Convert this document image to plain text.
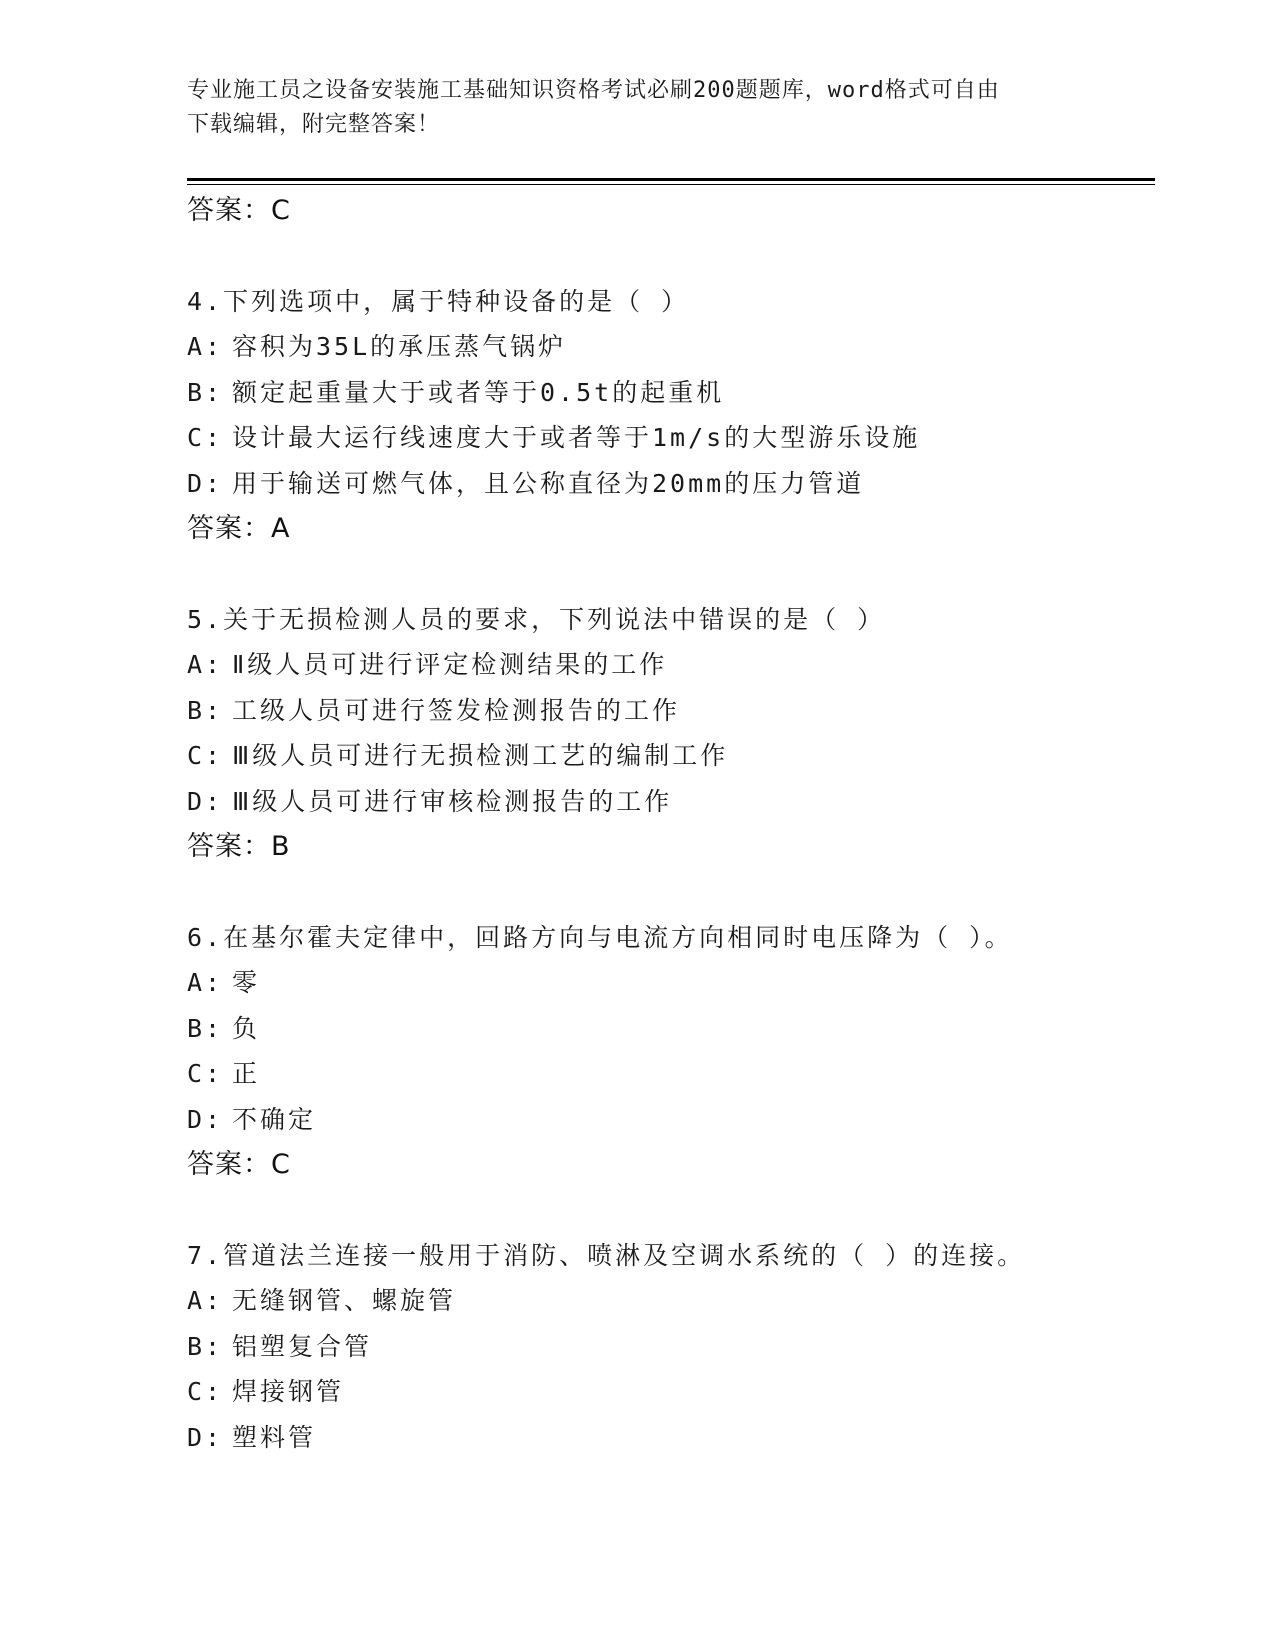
专业施工员之设备安装施工基础知识资格考试必刷200题题库，word格式可自由
下载编辑，附完整答案！
答案：C
4.下列选项中，属于特种设备的是（ ）
A: 容积为35L的承压蒸气锅炉
B: 额定起重量大于或者等于0.5t的起重机
C: 设计最大运行线速度大于或者等于1m/s的大型游乐设施
D: 用于输送可燃气体，且公称直径为20mm的压力管道
答案：A
5.关于无损检测人员的要求，下列说法中错误的是（ ）
A: Ⅱ级人员可进行评定检测结果的工作
B: 工级人员可进行签发检测报告的工作
C: Ⅲ级人员可进行无损检测工艺的编制工作
D: Ⅲ级人员可进行审核检测报告的工作
答案：B
6.在基尔霍夫定律中，回路方向与电流方向相同时电压降为（ ）。
A: 零
B: 负
C: 正
D: 不确定
答案：C
7.管道法兰连接一般用于消防、喷淋及空调水系统的（ ）的连接。
A: 无缝钢管、螺旋管
B: 铝塑复合管
C: 焊接钢管
D: 塑料管
